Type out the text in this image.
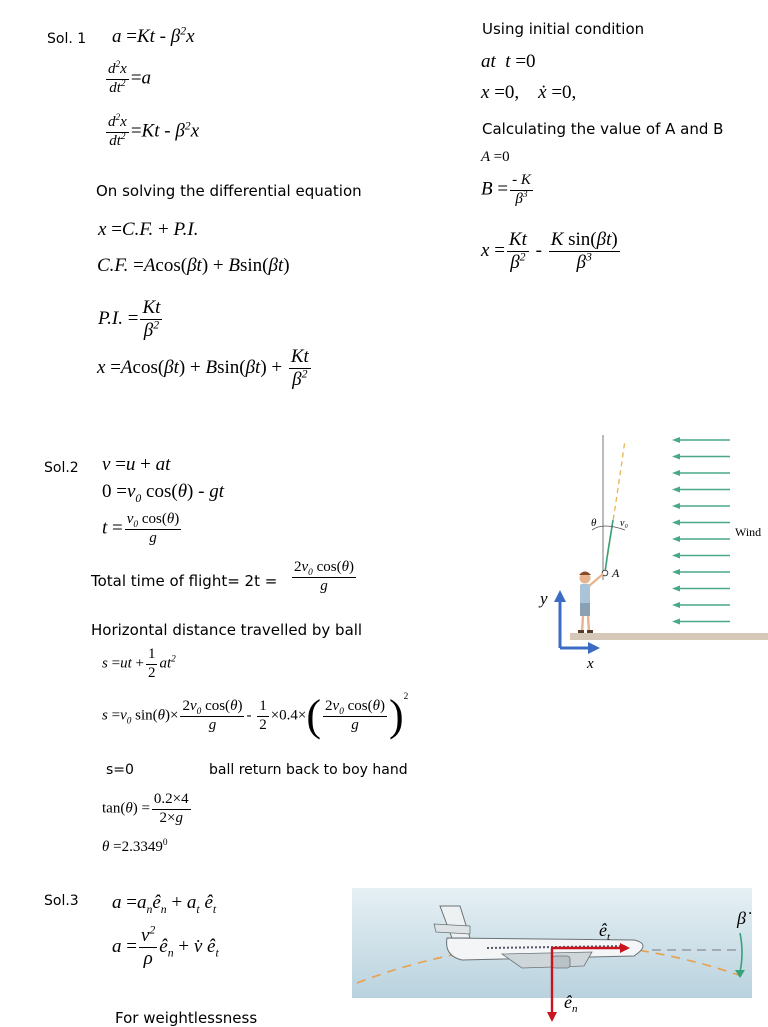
Sol. 1 $a =Kt - \beta^2x$
$\frac{d^2x}{dt^2} =a$
$\frac{d^2x}{dt^2} =Kt - \beta^2x$
On solving the differential equation
x =C.F. + P.I.
C.F. =Acos(βt) + Bsin(βt)
P.I. = $\frac{Kt}{\beta^2}$
$x =Acos(\beta t) + Bsin(\beta t) + \frac{Kt}{\beta^2}$
Using initial condition
at  t =0
x =0,    ẋ =0,
Calculating the value of A and B
A =0
$B = \frac{- K}{\beta^3}$
$x = \frac{Kt}{\beta^2} - \frac{\text{K sin(βt)}}{\beta^3}$
Sol.2 v =u + at
$0 =v_0$ cos(θ) - gt
$t = \frac{v_0 \cos(\theta)}{g}$
Total time of flight= $2t = \frac{2v_0 \cos(\theta)}{g}$
Horizontal distance travelled by ball
$s =ut + \frac{1}{2} at^2$
$s =v_0$ $\sin(\theta)\times \frac{2v_0 \cos(\theta)}{g} - \frac{1}{2} \times 0.4\times( \frac{2v_0 \cos(\theta)}{g} )^2$
s=0	ball return back to boy hand
$\tan(\theta) = \frac{0.2\times 4}{2\times g}$
$\theta =2.3349^0$
θ v₀
A
Wind
y
x
Sol.3 $a =a_nê_n + a_t$ $ê_t$
$a = \frac{v^2}{\rho}$ $ê_n$ + v̇ $ê_t$
For weightlessness
$ê_t$
$ê_n$
β̇
